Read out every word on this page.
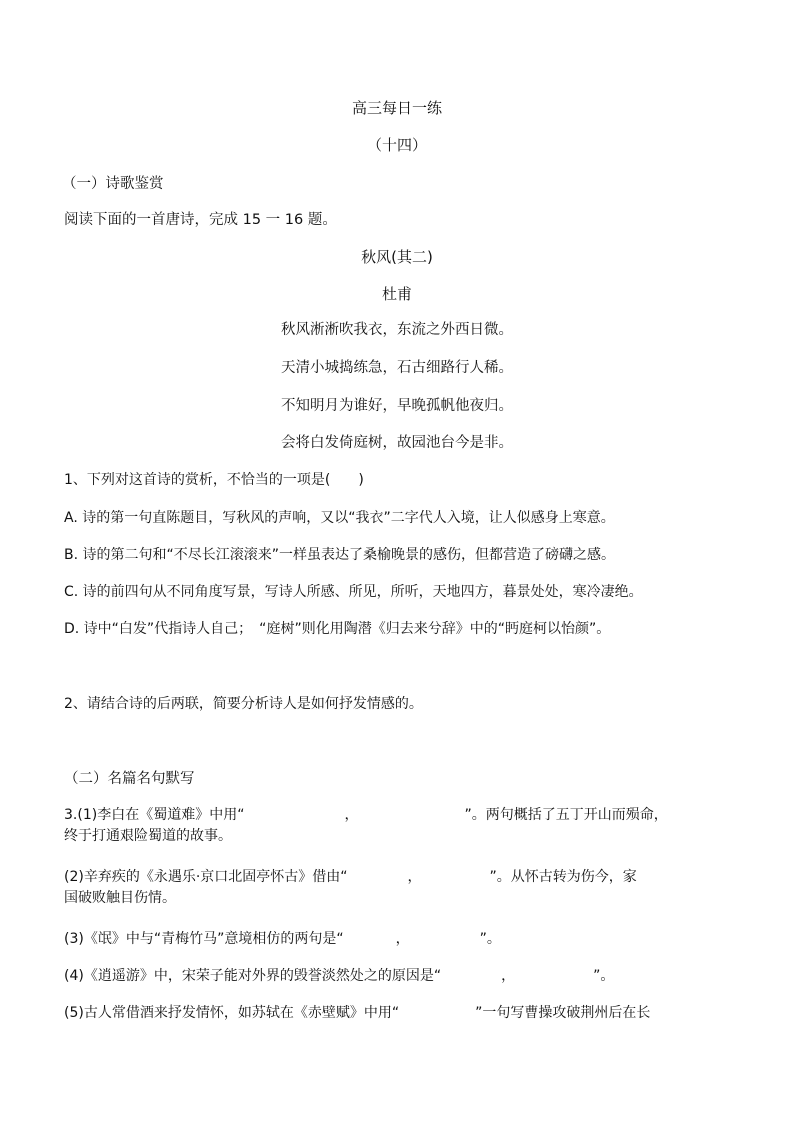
高三每日一练
（十四）
（一）诗歌鉴赏
阅读下面的一首唐诗，完成 15 一 16 题。
秋风(其二)
杜甫
秋风淅淅吹我衣，东流之外西日微。
天清小城捣练急，石古细路行人稀。
不知明月为谁好，早晚孤帆他夜归。
会将白发倚庭树，故园池台今是非。
1、下列对这首诗的赏析，不恰当的一项是(　　)
A. 诗的第一句直陈题目，写秋风的声响，又以“我衣”二字代人入境，让人似感身上寒意。
B. 诗的第二句和“不尽长江滚滚来”一样虽表达了桑榆晚景的感伤，但都营造了磅礴之感。
C. 诗的前四句从不同角度写景，写诗人所感、所见，所听，天地四方，暮景处处，寒冷凄绝。
D. 诗中“白发”代指诗人自己；　“庭树”则化用陶潜《归去来兮辞》中的“眄庭柯以怡颜”。
2、请结合诗的后两联，简要分析诗人是如何抒发情感的。
（二）名篇名句默写
3.(1)李白在《蜀道难》中用“	，	”。两句概括了五丁开山而殒命，
终于打通艰险蜀道的故事。
(2)辛弃疾的《永遇乐·京口北固亭怀古》借由“	，	”。从怀古转为伤今，家
国破败触目伤情。
(3)《氓》中与“青梅竹马”意境相仿的两句是“	，	”。
(4)《逍遥游》中，宋荣子能对外界的毁誉淡然处之的原因是“	，	”。
(5)古人常借酒来抒发情怀，如苏轼在《赤壁赋》中用“	”一句写曹操攻破荆州后在长
